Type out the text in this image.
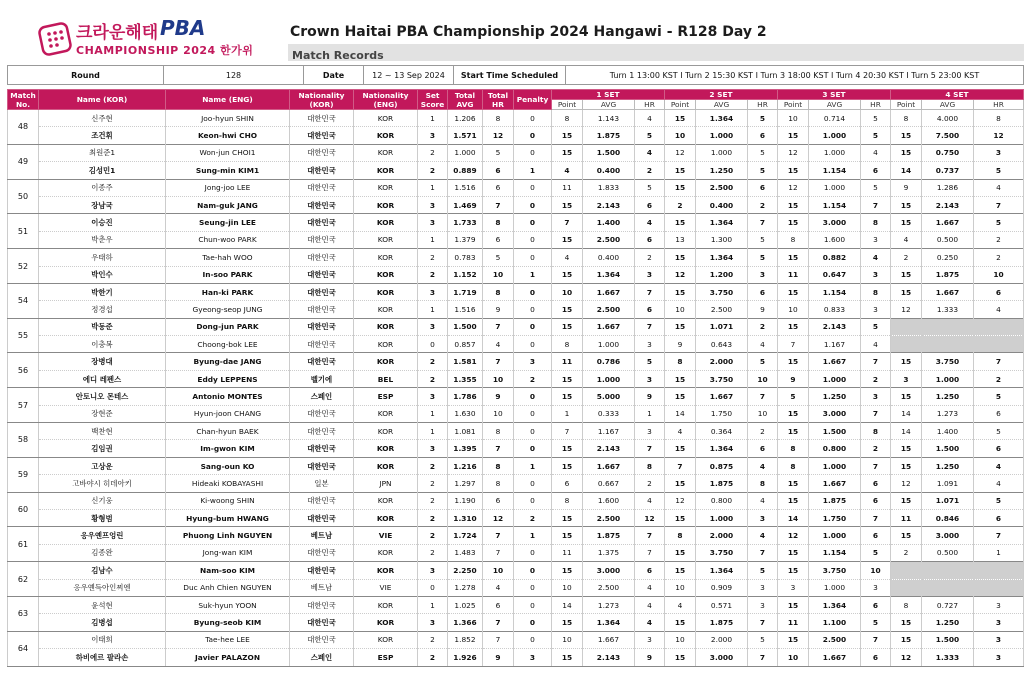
크라운해태 PBA
CHAMPIONSHIP 2024 한가위
Crown Haitai PBA Championship 2024 Hangawi - R128 Day 2
Match Records
Round	128	Date	12 ~ 13 Sep 2024	Start Time Scheduled	Turn 1 13:00 KST I Turn 2 15:30 KST I Turn 3 18:00 KST I Turn 4 20:30 KST I Turn 5 23:00 KST
Match No.	Name (KOR)	Name (ENG)	Nationality (KOR)	Nationality (ENG)	Set Score	Total AVG	Total HR	Penalty	1 SET			2 SET			3 SET			4 SET		
									Point	AVG	HR	Point	AVG	HR	Point	AVG	HR	Point	AVG	HR
48	신주현	Joo-hyun SHIN	대한민국	KOR	1	1.206	8	0	8	1.143	4	15	1.364	5	10	0.714	5	8	4.000	8
	조건휘	Keon-hwi CHO	대한민국	KOR	3	1.571	12	0	15	1.875	5	10	1.000	6	15	1.000	5	15	7.500	12
49	최원준1	Won-jun CHOI1	대한민국	KOR	2	1.000	5	0	15	1.500	4	12	1.000	5	12	1.000	4	15	0.750	3
	김성민1	Sung-min KIM1	대한민국	KOR	2	0.889	6	1	4	0.400	2	15	1.250	5	15	1.154	6	14	0.737	5
50	이종주	Jong-joo LEE	대한민국	KOR	1	1.516	6	0	11	1.833	5	15	2.500	6	12	1.000	5	9	1.286	4
	장남국	Nam-guk JANG	대한민국	KOR	3	1.469	7	0	15	2.143	6	2	0.400	2	15	1.154	7	15	2.143	7
51	이승진	Seung-jin LEE	대한민국	KOR	3	1.733	8	0	7	1.400	4	15	1.364	7	15	3.000	8	15	1.667	5
	박춘우	Chun-woo PARK	대한민국	KOR	1	1.379	6	0	15	2.500	6	13	1.300	5	8	1.600	3	4	0.500	2
52	우태하	Tae-hah WOO	대한민국	KOR	2	0.783	5	0	4	0.400	2	15	1.364	5	15	0.882	4	2	0.250	2
	박인수	In-soo PARK	대한민국	KOR	2	1.152	10	1	15	1.364	3	12	1.200	3	11	0.647	3	15	1.875	10
54	박한기	Han-ki PARK	대한민국	KOR	3	1.719	8	0	10	1.667	7	15	3.750	6	15	1.154	8	15	1.667	6
	정경섭	Gyeong-seop JUNG	대한민국	KOR	1	1.516	9	0	15	2.500	6	10	2.500	9	10	0.833	3	12	1.333	4
55	박동준	Dong-jun PARK	대한민국	KOR	3	1.500	7	0	15	1.667	7	15	1.071	2	15	2.143	5			
	이충복	Choong-bok LEE	대한민국	KOR	0	0.857	4	0	8	1.000	3	9	0.643	4	7	1.167	4			
56	장병대	Byung-dae JANG	대한민국	KOR	2	1.581	7	3	11	0.786	5	8	2.000	5	15	1.667	7	15	3.750	7
	에디 레펜스	Eddy LEPPENS	벨기에	BEL	2	1.355	10	2	15	1.000	3	15	3.750	10	9	1.000	2	3	1.000	2
57	안토니오 몬테스	Antonio MONTES	스페인	ESP	3	1.786	9	0	15	5.000	9	15	1.667	7	5	1.250	3	15	1.250	5
	장현준	Hyun-joon CHANG	대한민국	KOR	1	1.630	10	0	1	0.333	1	14	1.750	10	15	3.000	7	14	1.273	6
58	백찬현	Chan-hyun BAEK	대한민국	KOR	1	1.081	8	0	7	1.167	3	4	0.364	2	15	1.500	8	14	1.400	5
	김임권	Im-gwon KIM	대한민국	KOR	3	1.395	7	0	15	2.143	7	15	1.364	6	8	0.800	2	15	1.500	6
59	고상운	Sang-oun KO	대한민국	KOR	2	1.216	8	1	15	1.667	8	7	0.875	4	8	1.000	7	15	1.250	4
	고바야시 히데아키	Hideaki KOBAYASHI	일본	JPN	2	1.297	8	0	6	0.667	2	15	1.875	8	15	1.667	6	12	1.091	4
60	신기웅	Ki-woong SHIN	대한민국	KOR	2	1.190	6	0	8	1.600	4	12	0.800	4	15	1.875	6	15	1.071	5
	황형범	Hyung-bum HWANG	대한민국	KOR	2	1.310	12	2	15	2.500	12	15	1.000	3	14	1.750	7	11	0.846	6
61	응우옌프엉린	Phuong Linh NGUYEN	베트남	VIE	2	1.724	7	1	15	1.875	7	8	2.000	4	12	1.000	6	15	3.000	7
	김종완	Jong-wan KIM	대한민국	KOR	2	1.483	7	0	11	1.375	7	15	3.750	7	15	1.154	5	2	0.500	1
62	김남수	Nam-soo KIM	대한민국	KOR	3	2.250	10	0	15	3.000	6	15	1.364	5	15	3.750	10			
	응우옌득아인찌엔	Duc Anh Chien NGUYEN	베트남	VIE	0	1.278	4	0	10	2.500	4	10	0.909	3	3	1.000	3			
63	윤석현	Suk-hyun YOON	대한민국	KOR	1	1.025	6	0	14	1.273	4	4	0.571	3	15	1.364	6	8	0.727	3
	김병섭	Byung-seob KIM	대한민국	KOR	3	1.366	7	0	15	1.364	4	15	1.875	7	11	1.100	5	15	1.250	3
64	이태희	Tae-hee LEE	대한민국	KOR	2	1.852	7	0	10	1.667	3	10	2.000	5	15	2.500	7	15	1.500	3
	하비에르 팔라손	Javier PALAZON	스페인	ESP	2	1.926	9	3	15	2.143	9	15	3.000	7	10	1.667	6	12	1.333	3
